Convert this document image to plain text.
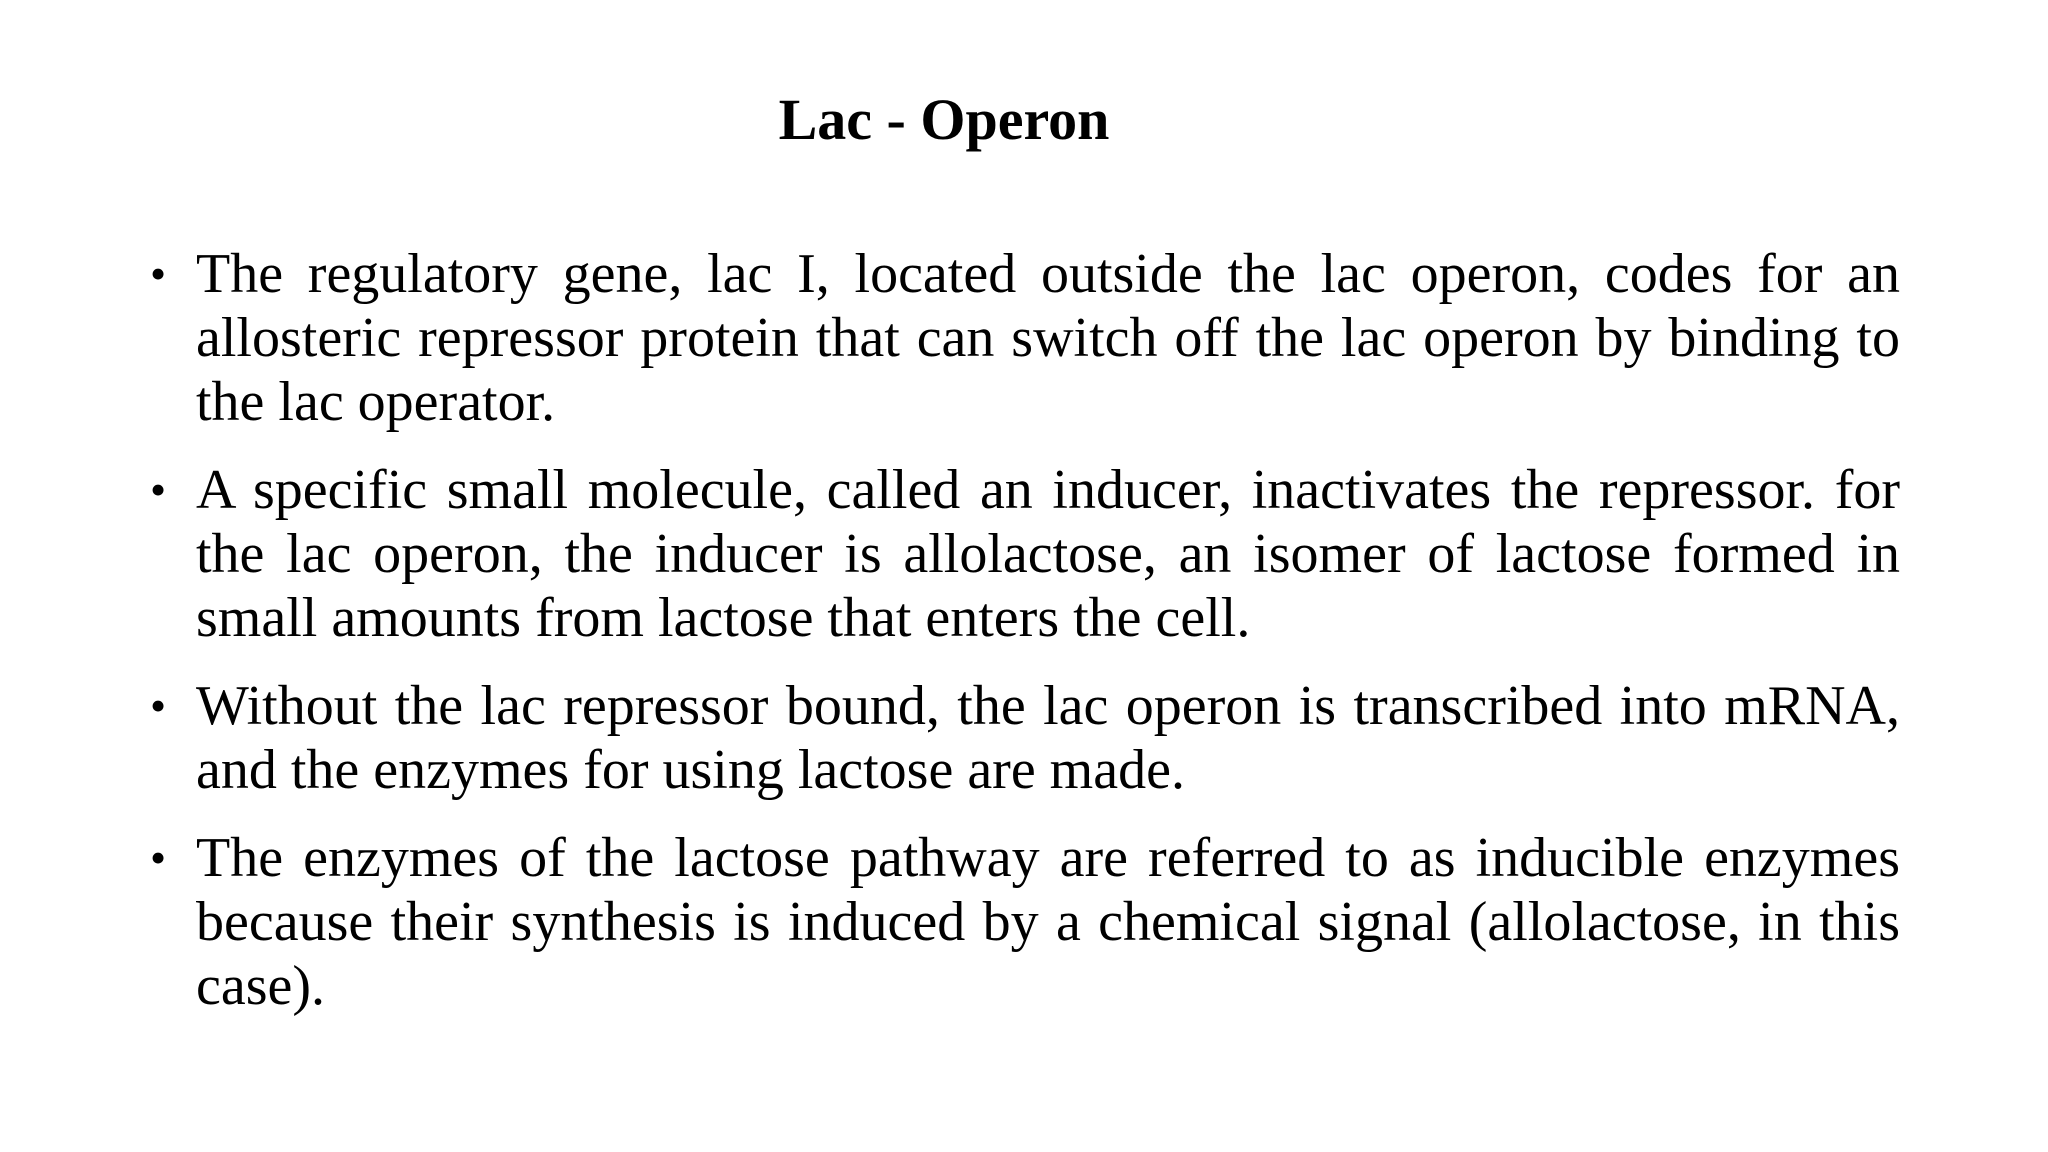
Lac - Operon
• The regulatory gene, lac I, located outside the lac operon, codes for an allosteric repressor protein that can switch off the lac operon by binding to the lac operator.
• A specific small molecule, called an inducer, inactivates the repressor. for the lac operon, the inducer is allolactose, an isomer of lactose formed in small amounts from lactose that enters the cell.
• Without the lac repressor bound, the lac operon is transcribed into mRNA, and the enzymes for using lactose are made.
• The enzymes of the lactose pathway are referred to as inducible enzymes because their synthesis is induced by a chemical signal (allolactose, in this case).
